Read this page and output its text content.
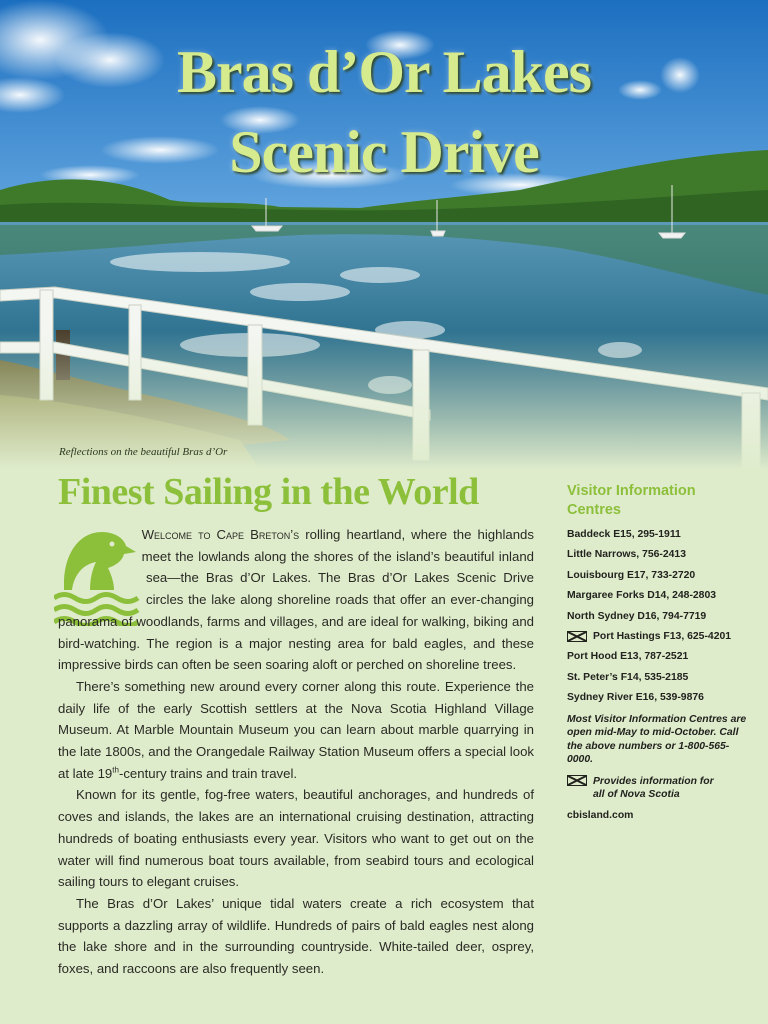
Bras d’Or Lakes
Scenic Drive
Reflections on the beautiful Bras d’Or
Finest Sailing in the World

Welcome to Cape Breton’s rolling heartland, where the highlands meet the lowlands along the shores of the island’s beautiful inland sea—the Bras d’Or Lakes. The Bras d’Or Lakes Scenic Drive circles the lake along shoreline roads that offer an ever-changing panorama of woodlands, farms and villages, and are ideal for walking, biking and bird-watching. The region is a major nesting area for bald eagles, and these impressive birds can often be seen soaring aloft or perched on shoreline trees.

There’s something new around every corner along this route. Experience the daily life of the early Scottish settlers at the Nova Scotia Highland Village Museum. At Marble Mountain Museum you can learn about marble quarrying in the late 1800s, and the Orangedale Railway Station Museum offers a special look at late 19th-century trains and train travel.

Known for its gentle, fog-free waters, beautiful anchorages, and hundreds of coves and islands, the lakes are an international cruising destination, attracting hundreds of boating enthusiasts every year. Visitors who want to get out on the water will find numerous boat tours available, from seabird tours and ecological sailing tours to elegant cruises.

The Bras d’Or Lakes’ unique tidal waters create a rich ecosystem that supports a dazzling array of wildlife. Hundreds of pairs of bald eagles nest along the lake shore and in the surrounding countryside. White-tailed deer, osprey, foxes, and raccoons are also frequently seen.

Visitor Information Centres
Baddeck E15, 295-1911
Little Narrows, 756-2413
Louisbourg E17, 733-2720
Margaree Forks D14, 248-2803
North Sydney D16, 794-7719
Port Hastings F13, 625-4201
Port Hood E13, 787-2521
St. Peter’s F14, 535-2185
Sydney River E16, 539-9876
Most Visitor Information Centres are open mid-May to mid-October. Call the above numbers or 1-800-565-0000.
Provides information for all of Nova Scotia
cbisland.com
